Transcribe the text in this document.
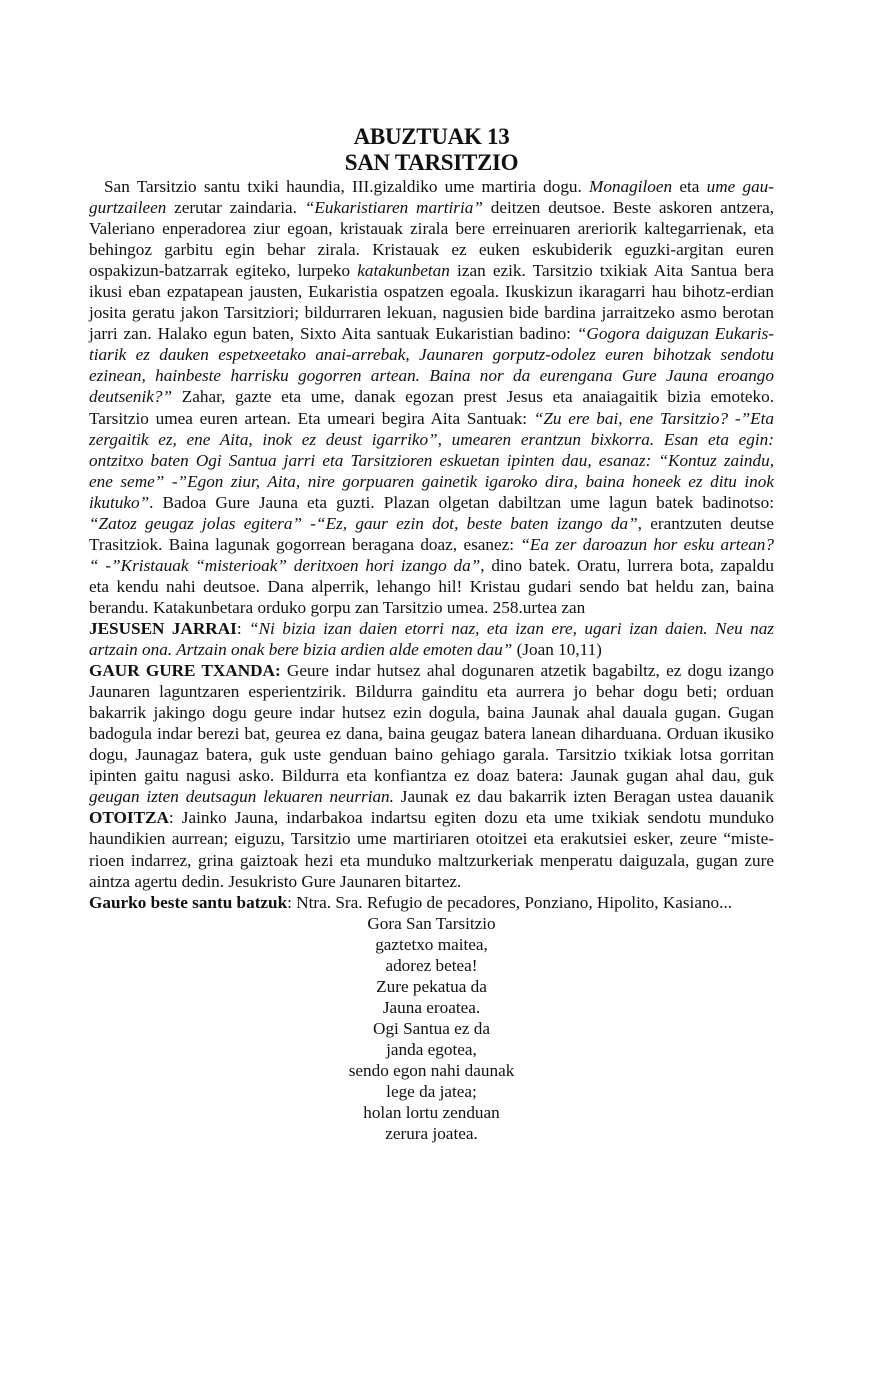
ABUZTUAK 13
SAN TARSITZIO
San Tarsitzio santu txiki haundia, III.gizaldiko ume martiria dogu. Monagiloen eta ume gau-
gurtzaileen zerutar zaindaria. “Eukaristiaren martiria” deitzen deutsoe. Beste askoren antzera,
Valeriano enperadorea ziur egoan, kristauak zirala bere erreinuaren areriorik kaltegarrienak, eta
behingoz garbitu egin behar zirala. Kristauak ez euken eskubiderik eguzki-argitan euren
ospakizun-batzarrak egiteko, lurpeko katakunbetan izan ezik. Tarsitzio txikiak Aita Santua bera
ikusi eban ezpatapean jausten, Eukaristia ospatzen egoala. Ikuskizun ikaragarri hau bihotz-erdian
josita geratu jakon Tarsitziori; bildurraren lekuan, nagusien bide bardina jarraitzeko asmo berotan
jarri zan. Halako egun baten, Sixto Aita santuak Eukaristian badino: “Gogora daiguzan Eukaris-
tiarik ez dauken espetxeetako anai-arrebak, Jaunaren gorputz-odolez euren bihotzak sendotu
ezinean, hainbeste harrisku gogorren artean. Baina nor da eurengana Gure Jauna eroango
deutsenik?” Zahar, gazte eta ume, danak egozan prest Jesus eta anaiagaitik bizia emoteko.
Tarsitzio umea euren artean. Eta umeari begira Aita Santuak: “Zu ere bai, ene Tarsitzio? -”Eta
zergaitik ez, ene Aita, inok ez deust igarriko”, umearen erantzun bixkorra. Esan eta egin:
ontzitxo baten Ogi Santua jarri eta Tarsitzioren eskuetan ipinten dau, esanaz: “Kontuz zaindu,
ene seme” -”Egon ziur, Aita, nire gorpuaren gainetik igaroko dira, baina honeek ez ditu inok
ikutuko”. Badoa Gure Jauna eta guzti. Plazan olgetan dabiltzan ume lagun batek badinotso:
“Zatoz geugaz jolas egitera” -“Ez, gaur ezin dot, beste baten izango da”, erantzuten deutse
Trasitziok. Baina lagunak gogorrean beragana doaz, esanez: “Ea zer daroazun hor esku artean?
“ -”Kristauak “misterioak” deritxoen hori izango da”, dino batek. Oratu, lurrera bota, zapaldu
eta kendu nahi deutsoe. Dana alperrik, lehango hil! Kristau gudari sendo bat heldu zan, baina
berandu. Katakunbetara orduko gorpu zan Tarsitzio umea. 258.urtea zan
JESUSEN JARRAI: “Ni bizia izan daien etorri naz, eta izan ere, ugari izan daien. Neu naz
artzain ona. Artzain onak bere bizia ardien alde emoten dau” (Joan 10,11)
GAUR GURE TXANDA: Geure indar hutsez ahal dogunaren atzetik bagabiltz, ez dogu izango
Jaunaren laguntzaren esperientzirik. Bildurra gainditu eta aurrera jo behar dogu beti; orduan
bakarrik jakingo dogu geure indar hutsez ezin dogula, baina Jaunak ahal dauala gugan. Gugan
badogula indar berezi bat, geurea ez dana, baina geugaz batera lanean diharduana. Orduan ikusiko
dogu, Jaunagaz batera, guk uste genduan baino gehiago garala. Tarsitzio txikiak lotsa gorritan
ipinten gaitu nagusi asko. Bildurra eta konfiantza ez doaz batera: Jaunak gugan ahal dau, guk
geugan izten deutsagun lekuaren neurrian. Jaunak ez dau bakarrik izten Beragan ustea dauanik
OTOITZA: Jainko Jauna, indarbakoa indartsu egiten dozu eta ume txikiak sendotu munduko
haundikien aurrean; eiguzu, Tarsitzio ume martiriaren otoitzei eta erakutsiei esker, zeure “miste-
rioen indarrez, grina gaiztoak hezi eta munduko maltzurkeriak menperatu daiguzala, gugan zure
aintza agertu dedin. Jesukristo Gure Jaunaren bitartez.
Gaurko beste santu batzuk: Ntra. Sra. Refugio de pecadores, Ponziano, Hipolito, Kasiano...
Gora San Tarsitzio
gaztetxo maitea,
adorez betea!
Zure pekatua da
Jauna eroatea.
Ogi Santua ez da
janda egotea,
sendo egon nahi daunak
lege da jatea;
holan lortu zenduan
zerura joatea.
